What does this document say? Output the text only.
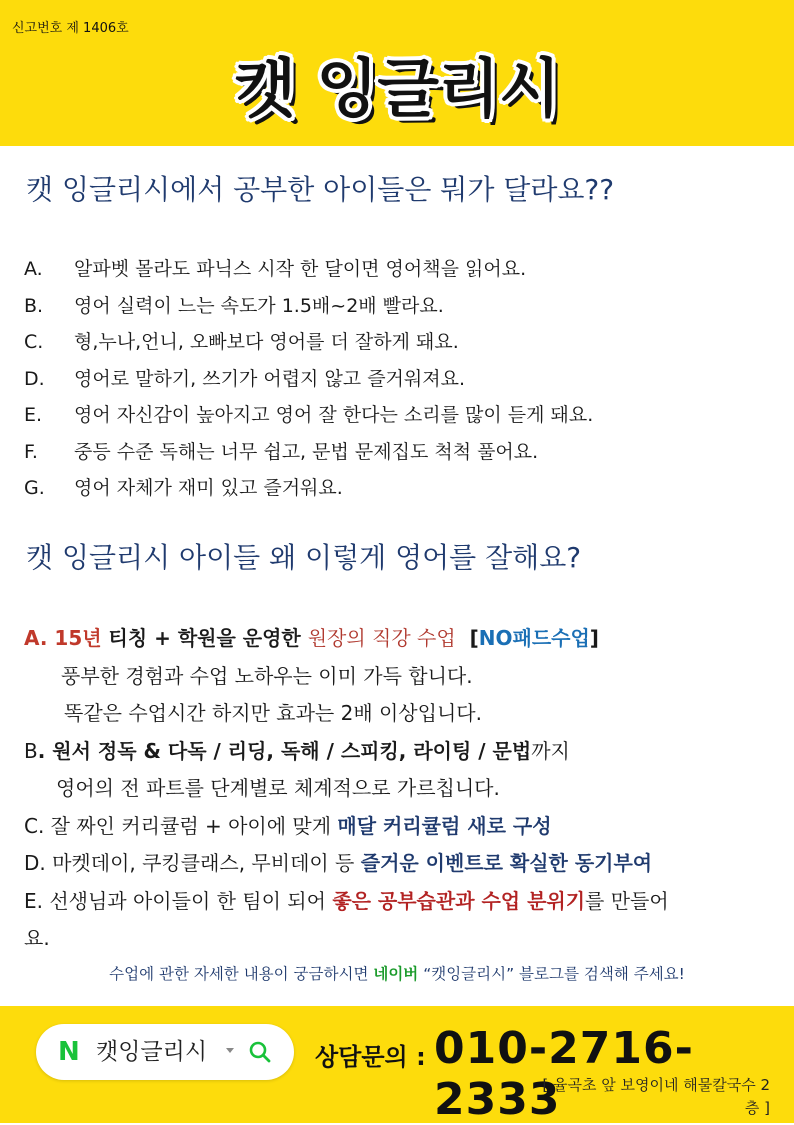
신고번호 제 1406호
캣 잉글리시
캣 잉글리시에서 공부한 아이들은 뭐가 달라요??
A. 알파벳 몰라도 파닉스 시작 한 달이면 영어책을 읽어요.
B. 영어 실력이 느는 속도가 1.5배~2배 빨라요.
C. 형,누나,언니, 오빠보다 영어를 더 잘하게 돼요.
D. 영어로 말하기, 쓰기가 어렵지 않고 즐거워져요.
E. 영어 자신감이 높아지고 영어 잘 한다는 소리를 많이 듣게 돼요.
F. 중등 수준 독해는 너무 쉽고, 문법 문제집도 척척 풀어요.
G. 영어 자체가 재미 있고 즐거워요.
캣 잉글리시 아이들 왜 이렇게 영어를 잘해요?
A. 15년 티칭 + 학원을 운영한 원장의 직강 수업 [NO패드수업]
풍부한 경험과 수업 노하우는 이미 가득 합니다.
똑같은 수업시간 하지만 효과는 2배 이상입니다.
B. 원서 정독 & 다독 / 리딩, 독해 / 스피킹, 라이팅 / 문법까지
영어의 전 파트를 단계별로 체계적으로 가르칩니다.
C. 잘 짜인 커리큘럼 + 아이에 맞게 매달 커리큘럼 새로 구성
D. 마켓데이, 쿠킹클래스, 무비데이 등 즐거운 이벤트로 확실한 동기부여
E. 선생님과 아이들이 한 팀이 되어 좋은 공부습관과 수업 분위기를 만들어
요.
수업에 관한 자세한 내용이 궁금하시면 네이버 “캣잉글리시” 블로그를 검색해 주세요!
N 캣잉글리시	상담문의 : 010-2716-2333
[ 율곡초 앞 보영이네 해물칼국수 2
층 ]
